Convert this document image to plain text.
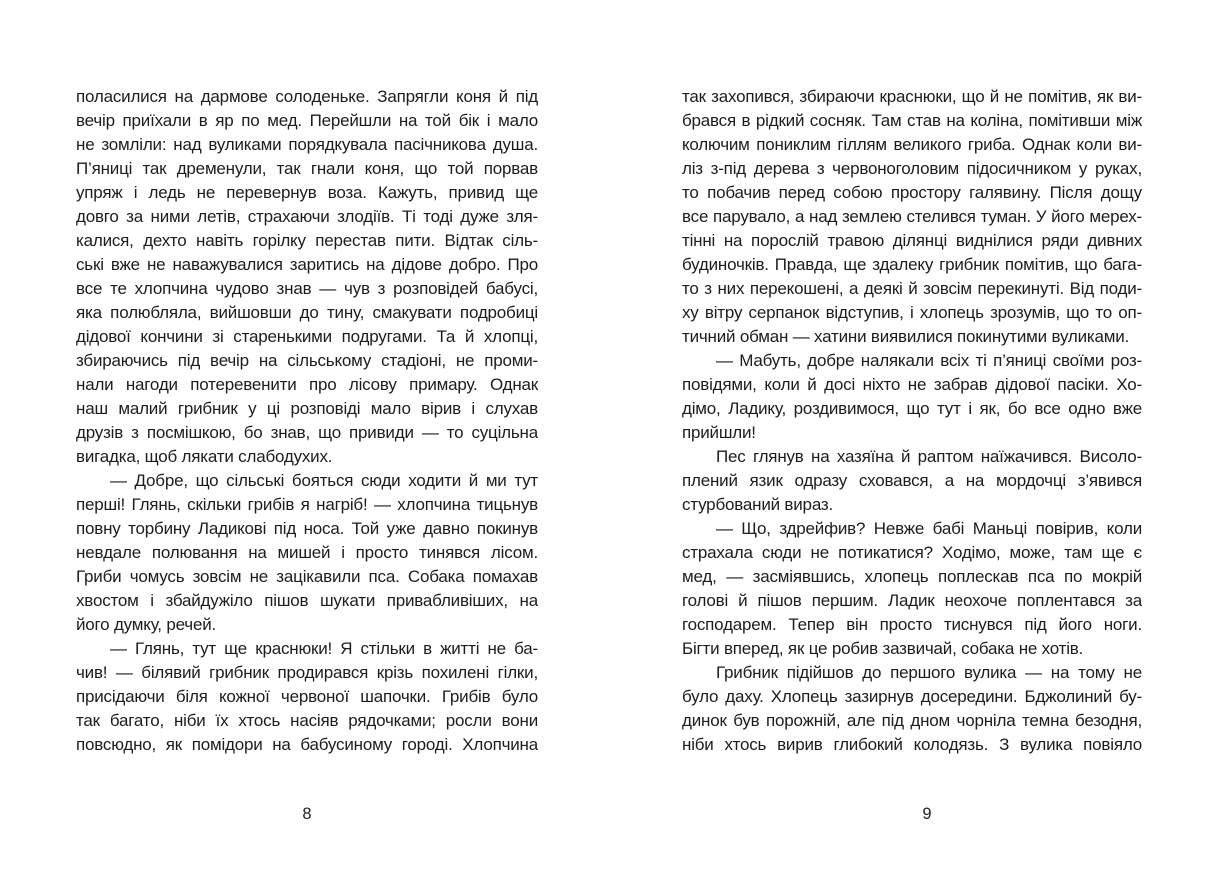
поласилися на дармове солоденьке. Запрягли коня й під
вечір приїхали в яр по мед. Перейшли на той бік і мало
не зомліли: над вуликами порядкувала пасічникова душа.
П’яниці так дременули, так гнали коня, що той порвав
упряж і ледь не перевернув воза. Кажуть, привид ще
довго за ними летів, страхаючи злодіїв. Ті тоді дуже зля-
калися, дехто навіть горілку перестав пити. Відтак сіль-
ські вже не наважувалися заритись на дідове добро. Про
все те хлопчина чудово знав — чув з розповідей бабусі,
яка полюбляла, вийшовши до тину, смакувати подробиці
дідової кончини зі старенькими подругами. Та й хлопці,
збираючись під вечір на сільському стадіоні, не проми-
нали нагоди потеревенити про лісову примару. Однак
наш малий грибник у ці розповіді мало вірив і слухав
друзів з посмішкою, бо знав, що привиди — то суцільна
вигадка, щоб лякати слабодухих.
— Добре, що сільські бояться сюди ходити й ми тут
перші! Глянь, скільки грибів я нагріб! — хлопчина тицьнув
повну торбину Ладикові під носа. Той уже давно покинув
невдале полювання на мишей і просто тинявся лісом.
Гриби чомусь зовсім не зацікавили пса. Собака помахав
хвостом і збайдужіло пішов шукати привабливіших, на
його думку, речей.
— Глянь, тут ще краснюки! Я стільки в житті не ба-
чив! — білявий грибник продирався крізь похилені гілки,
присідаючи біля кожної червоної шапочки. Грибів було
так багато, ніби їх хтось насіяв рядочками; росли вони
повсюдно, як помідори на бабусиному городі. Хлопчина
так захопився, збираючи краснюки, що й не помітив, як ви-
брався в рідкий сосняк. Там став на коліна, помітивши між
колючим пониклим гіллям великого гриба. Однак коли ви-
ліз з-під дерева з червоноголовим підосичником у руках,
то побачив перед собою простору галявину. Після дощу
все парувало, а над землею стелився туман. У його мерех-
тінні на порослій травою ділянці виднілися ряди дивних
будиночків. Правда, ще здалеку грибник помітив, що бага-
то з них перекошені, а деякі й зовсім перекинуті. Від поди-
ху вітру серпанок відступив, і хлопець зрозумів, що то оп-
тичний обман — хатини виявилися покинутими вуликами.
— Мабуть, добре налякали всіх ті п’яниці своїми роз-
повідями, коли й досі ніхто не забрав дідової пасіки. Хо-
дімо, Ладику, роздивимося, що тут і як, бо все одно вже
прийшли!
Пес глянув на хазяїна й раптом наїжачився. Висоло-
плений язик одразу сховався, а на мордочці з’явився
стурбований вираз.
— Що, здрейфив? Невже бабі Маньці повірив, коли
страхала сюди не потикатися? Ходімо, може, там ще є
мед, — засміявшись, хлопець поплескав пса по мокрій
голові й пішов першим. Ладик неохоче поплентався за
господарем. Тепер він просто тиснувся під його ноги.
Бігти вперед, як це робив зазвичай, собака не хотів.
Грибник підійшов до першого вулика — на тому не
було даху. Хлопець зазирнув досередини. Бджолиний бу-
динок був порожній, але під дном чорніла темна безодня,
ніби хтось вирив глибокий колодязь. З вулика повіяло
8	9
